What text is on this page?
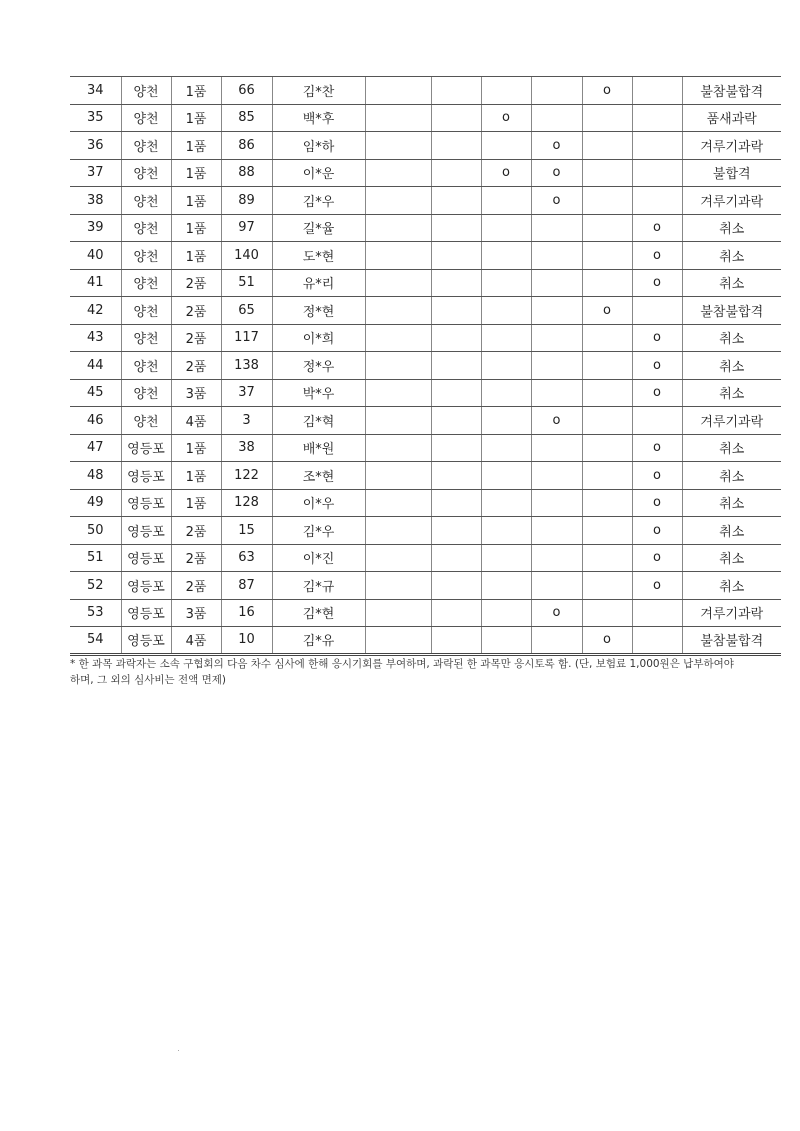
34	양천	1품	66	김*찬					o		불참불합격
35	양천	1품	85	백*후			o				품새과락
36	양천	1품	86	임*하				o			겨루기과락
37	양천	1품	88	이*운			o	o			불합격
38	양천	1품	89	김*우				o			겨루기과락
39	양천	1품	97	길*율						o	취소
40	양천	1품	140	도*현						o	취소
41	양천	2품	51	유*리						o	취소
42	양천	2품	65	정*현					o		불참불합격
43	양천	2품	117	이*희						o	취소
44	양천	2품	138	정*우						o	취소
45	양천	3품	37	박*우						o	취소
46	양천	4품	3	김*혁				o			겨루기과락
47	영등포	1품	38	배*원						o	취소
48	영등포	1품	122	조*현						o	취소
49	영등포	1품	128	이*우						o	취소
50	영등포	2품	15	김*우						o	취소
51	영등포	2품	63	이*진						o	취소
52	영등포	2품	87	김*규						o	취소
53	영등포	3품	16	김*현				o			겨루기과락
54	영등포	4품	10	김*유					o		불참불합격
* 한 과목 과락자는 소속 구협회의 다음 차수 심사에 한해 응시기회를 부여하며, 과락된 한 과목만 응시토록 함. (단, 보험료 1,000원은 납부하여야 하며, 그 외의 심사비는 전액 면제)
